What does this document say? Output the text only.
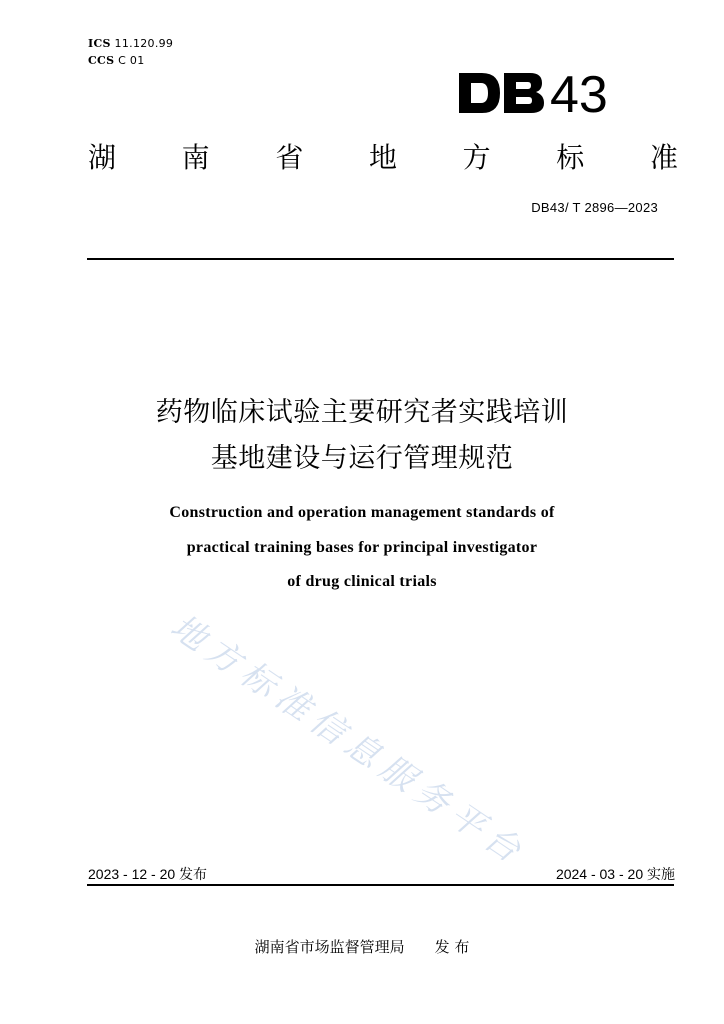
ICS 11.120.99
CCS C 01
43
湖 南 省 地 方 标 准
DB43/ T 2896—2023
药物临床试验主要研究者实践培训
基地建设与运行管理规范
Construction and operation management standards of
practical training bases for principal investigator
of drug clinical trials
地方标准信息服务平台
2023 - 12 - 20 发布	2024 - 03 - 20 实施
湖南省市场监督管理局 发 布
